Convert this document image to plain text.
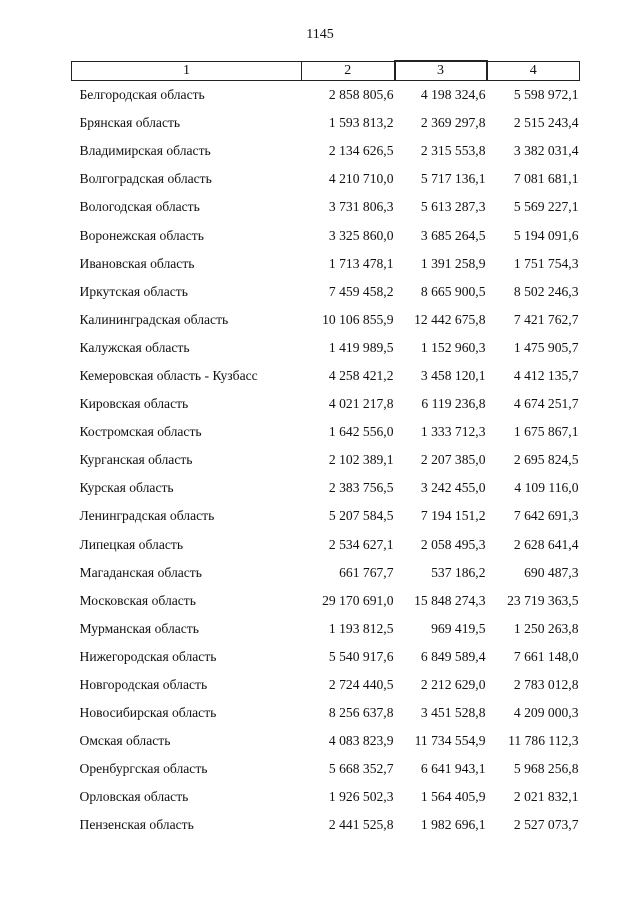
1145
1	2	3	4
Белгородская область	2 858 805,6	4 198 324,6	5 598 972,1
Брянская область	1 593 813,2	2 369 297,8	2 515 243,4
Владимирская область	2 134 626,5	2 315 553,8	3 382 031,4
Волгоградская область	4 210 710,0	5 717 136,1	7 081 681,1
Вологодская область	3 731 806,3	5 613 287,3	5 569 227,1
Воронежская область	3 325 860,0	3 685 264,5	5 194 091,6
Ивановская область	1 713 478,1	1 391 258,9	1 751 754,3
Иркутская область	7 459 458,2	8 665 900,5	8 502 246,3
Калининградская область	10 106 855,9	12 442 675,8	7 421 762,7
Калужская область	1 419 989,5	1 152 960,3	1 475 905,7
Кемеровская область - Кузбасс	4 258 421,2	3 458 120,1	4 412 135,7
Кировская область	4 021 217,8	6 119 236,8	4 674 251,7
Костромская область	1 642 556,0	1 333 712,3	1 675 867,1
Курганская область	2 102 389,1	2 207 385,0	2 695 824,5
Курская область	2 383 756,5	3 242 455,0	4 109 116,0
Ленинградская область	5 207 584,5	7 194 151,2	7 642 691,3
Липецкая область	2 534 627,1	2 058 495,3	2 628 641,4
Магаданская область	661 767,7	537 186,2	690 487,3
Московская область	29 170 691,0	15 848 274,3	23 719 363,5
Мурманская область	1 193 812,5	969 419,5	1 250 263,8
Нижегородская область	5 540 917,6	6 849 589,4	7 661 148,0
Новгородская область	2 724 440,5	2 212 629,0	2 783 012,8
Новосибирская область	8 256 637,8	3 451 528,8	4 209 000,3
Омская область	4 083 823,9	11 734 554,9	11 786 112,3
Оренбургская область	5 668 352,7	6 641 943,1	5 968 256,8
Орловская область	1 926 502,3	1 564 405,9	2 021 832,1
Пензенская область	2 441 525,8	1 982 696,1	2 527 073,7
